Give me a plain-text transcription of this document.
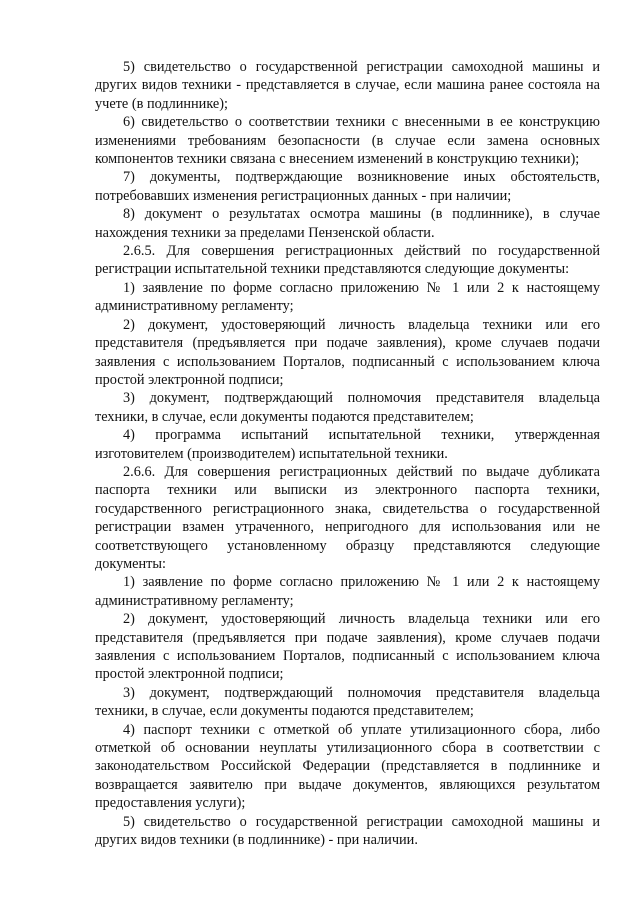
5) свидетельство о государственной регистрации самоходной машины и других видов техники - представляется в случае, если машина ранее состояла на учете (в подлиннике);

6) свидетельство о соответствии техники с внесенными в ее конструкцию изменениями требованиям безопасности (в случае если замена основных компонентов техники связана с внесением изменений в конструкцию техники);

7) документы, подтверждающие возникновение иных обстоятельств, потребовавших изменения регистрационных данных - при наличии;

8) документ о результатах осмотра машины (в подлиннике), в случае нахождения техники за пределами Пензенской области.

2.6.5. Для совершения регистрационных действий по государственной регистрации испытательной техники представляются следующие документы:

1) заявление по форме согласно приложению № 1 или 2 к настоящему административному регламенту;

2) документ, удостоверяющий личность владельца техники или его представителя (предъявляется при подаче заявления), кроме случаев подачи заявления с использованием Порталов, подписанный с использованием ключа простой электронной подписи;

3) документ, подтверждающий полномочия представителя владельца техники, в случае, если документы подаются представителем;

4) программа испытаний испытательной техники, утвержденная изготовителем (производителем) испытательной техники.

2.6.6. Для совершения регистрационных действий по выдаче дубликата паспорта техники или выписки из электронного паспорта техники, государственного регистрационного знака, свидетельства о государственной регистрации взамен утраченного, непригодного для использования или не соответствующего установленному образцу представляются следующие документы:

1) заявление по форме согласно приложению № 1 или 2 к настоящему административному регламенту;

2) документ, удостоверяющий личность владельца техники или его представителя (предъявляется при подаче заявления), кроме случаев подачи заявления с использованием Порталов, подписанный с использованием ключа простой электронной подписи;

3) документ, подтверждающий полномочия представителя владельца техники, в случае, если документы подаются представителем;

4) паспорт техники с отметкой об уплате утилизационного сбора, либо отметкой об основании неуплаты утилизационного сбора в соответствии с законодательством Российской Федерации (представляется в подлиннике и возвращается заявителю при выдаче документов, являющихся результатом предоставления услуги);

5) свидетельство о государственной регистрации самоходной машины и других видов техники (в подлиннике) - при наличии.
